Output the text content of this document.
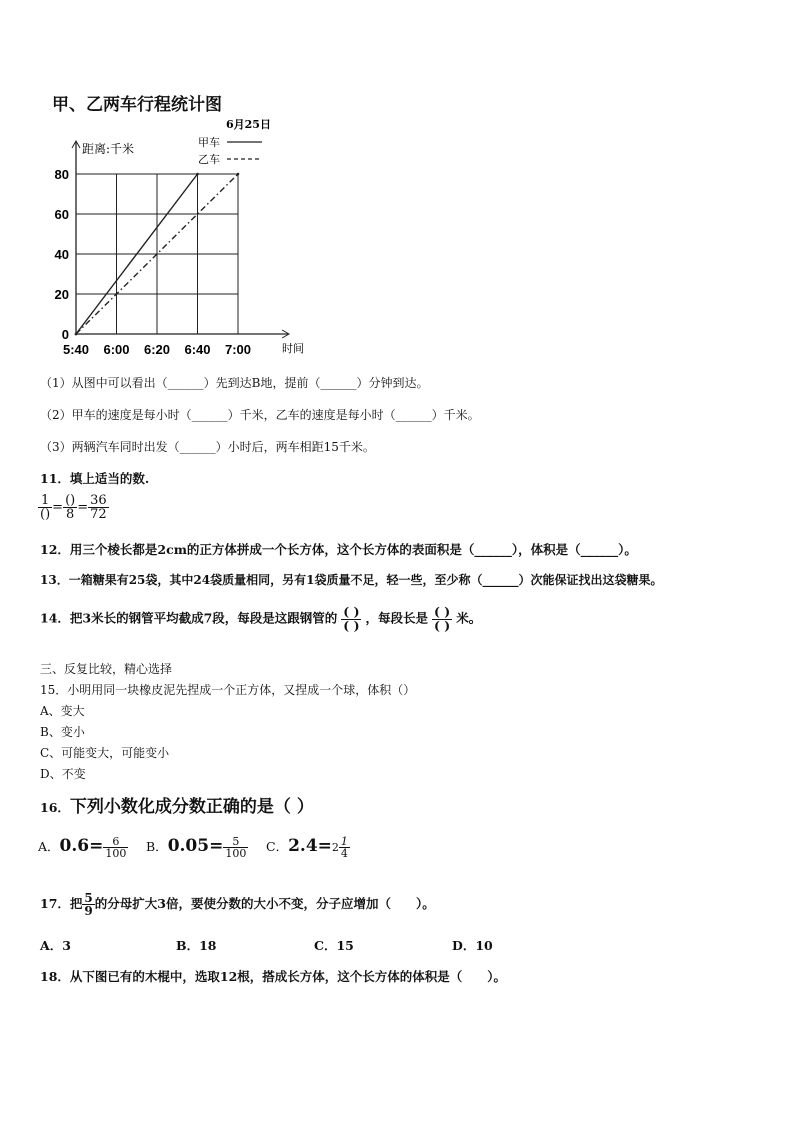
甲、乙两车行程统计图
0
20
40
60
80
5:40 6:00 6:20 6:40 7:00
距离:千米
时间
6月25日
甲车
乙车
（1）从图中可以看出（______）先到达B地，提前（______）分钟到达。
（2）甲车的速度是每小时（______）千米，乙车的速度是每小时（______）千米。
（3）两辆汽车同时出发（______）小时后，两车相距15千米。
11．填上适当的数.
$\frac{1}{()} = \frac{()}{8} = \frac{36}{72}$
12．用三个棱长都是2cm的正方体拼成一个长方体，这个长方体的表面积是（______），体积是（______）。
13．一箱糖果有25袋，其中24袋质量相同，另有1袋质量不足，轻一些，至少称（______）次能保证找出这袋糖果。
14．把3米长的钢管平均截成7段，每段是这跟钢管的 $\frac{( )}{( )}$ ，每段长是 $\frac{( )}{( )}$ 米。
三、反复比较，精心选择
15．小明用同一块橡皮泥先捏成一个正方体，又捏成一个球，体积（）
A、变大
B、变小
C、可能变大，可能变小
D、不变
16．下列小数化成分数正确的是（ ）
A．$0.6= \frac{6}{100}$ B．$0.05= \frac{5}{100}$ C．$2.4=2 \frac{1}{4}$
17．把 $\frac{5}{9}$ 的分母扩大3倍，要使分数的大小不变，分子应增加（　　）。
A．3	B．18	C．15	D．10
18．从下图已有的木棍中，选取12根，搭成长方体，这个长方体的体积是（　　）。
